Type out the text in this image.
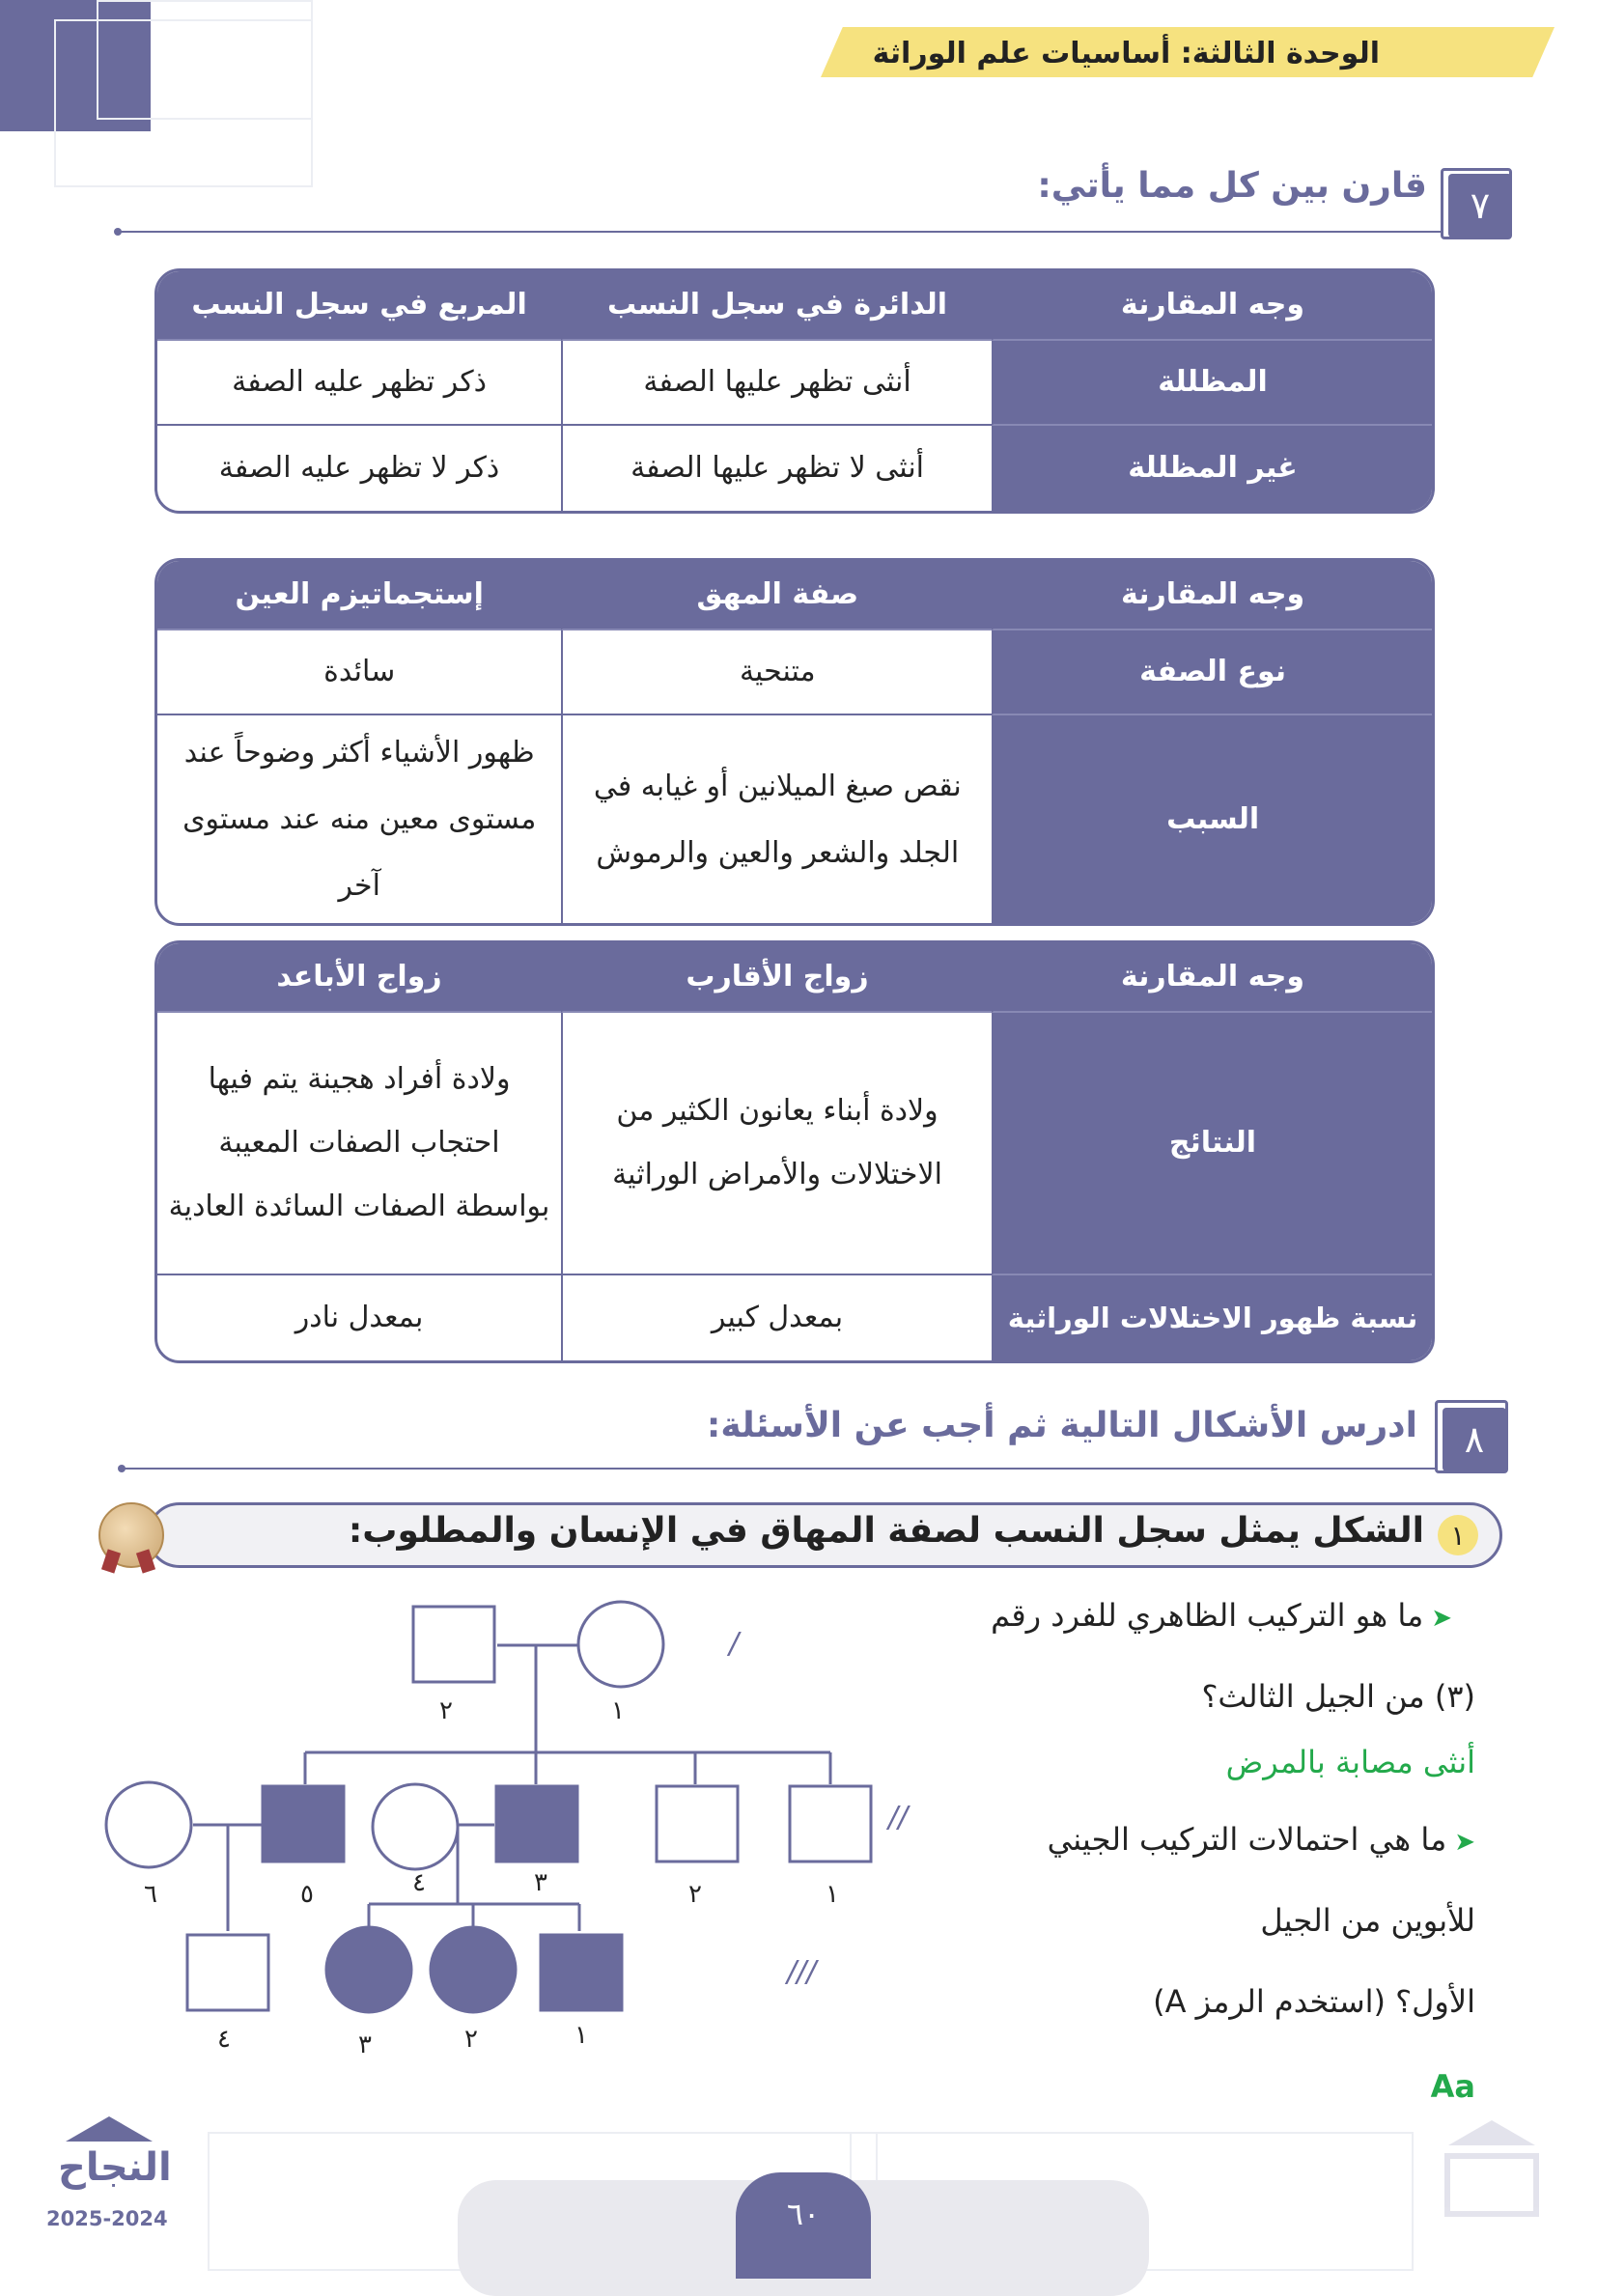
الوحدة الثالثة: أساسيات علم الوراثة
٧
قارن بين كل مما يأتي:
وجه المقارنة	الدائرة في سجل النسب	المربع في سجل النسب
المظللة	أنثى تظهر عليها الصفة	ذكر تظهر عليه الصفة
غير المظللة	أنثى لا تظهر عليها الصفة	ذكر لا تظهر عليه الصفة
وجه المقارنة	صفة المهق	إستجماتيزم العين
نوع الصفة	متنحية	سائدة
السبب	نقص صبغ الميلانين أو غيابه في الجلد والشعر والعين والرموش	ظهور الأشياء أكثر وضوحاً عند مستوى معين منه عند مستوى آخر
وجه المقارنة	زواج الأقارب	زواج الأباعد
النتائج	ولادة أبناء يعانون الكثير من الاختلالات والأمراض الوراثية	ولادة أفراد هجينة يتم فيها احتجاب الصفات المعيبة بواسطة الصفات السائدة العادية
نسبة ظهور الاختلالات الوراثية	بمعدل كبير	بمعدل نادر
٨
ادرس الأشكال التالية ثم أجب عن الأسئلة:
١
الشكل يمثل سجل النسب لصفة المهاق في الإنسان والمطلوب:
➤ما هو التركيب الظاهري للفرد رقم
(٣) من الجيل الثالث؟
أنثى مصابة بالمرض
➤ما هي احتمالات التركيب الجيني
للأبوين من الجيل
الأول؟ (استخدم الرمز A)
Aa
/
//
///
٢	١
٦	٥	٤	٣	٢	١
٤	٣	٢	١
٦٠
النجاح
2025-2024
